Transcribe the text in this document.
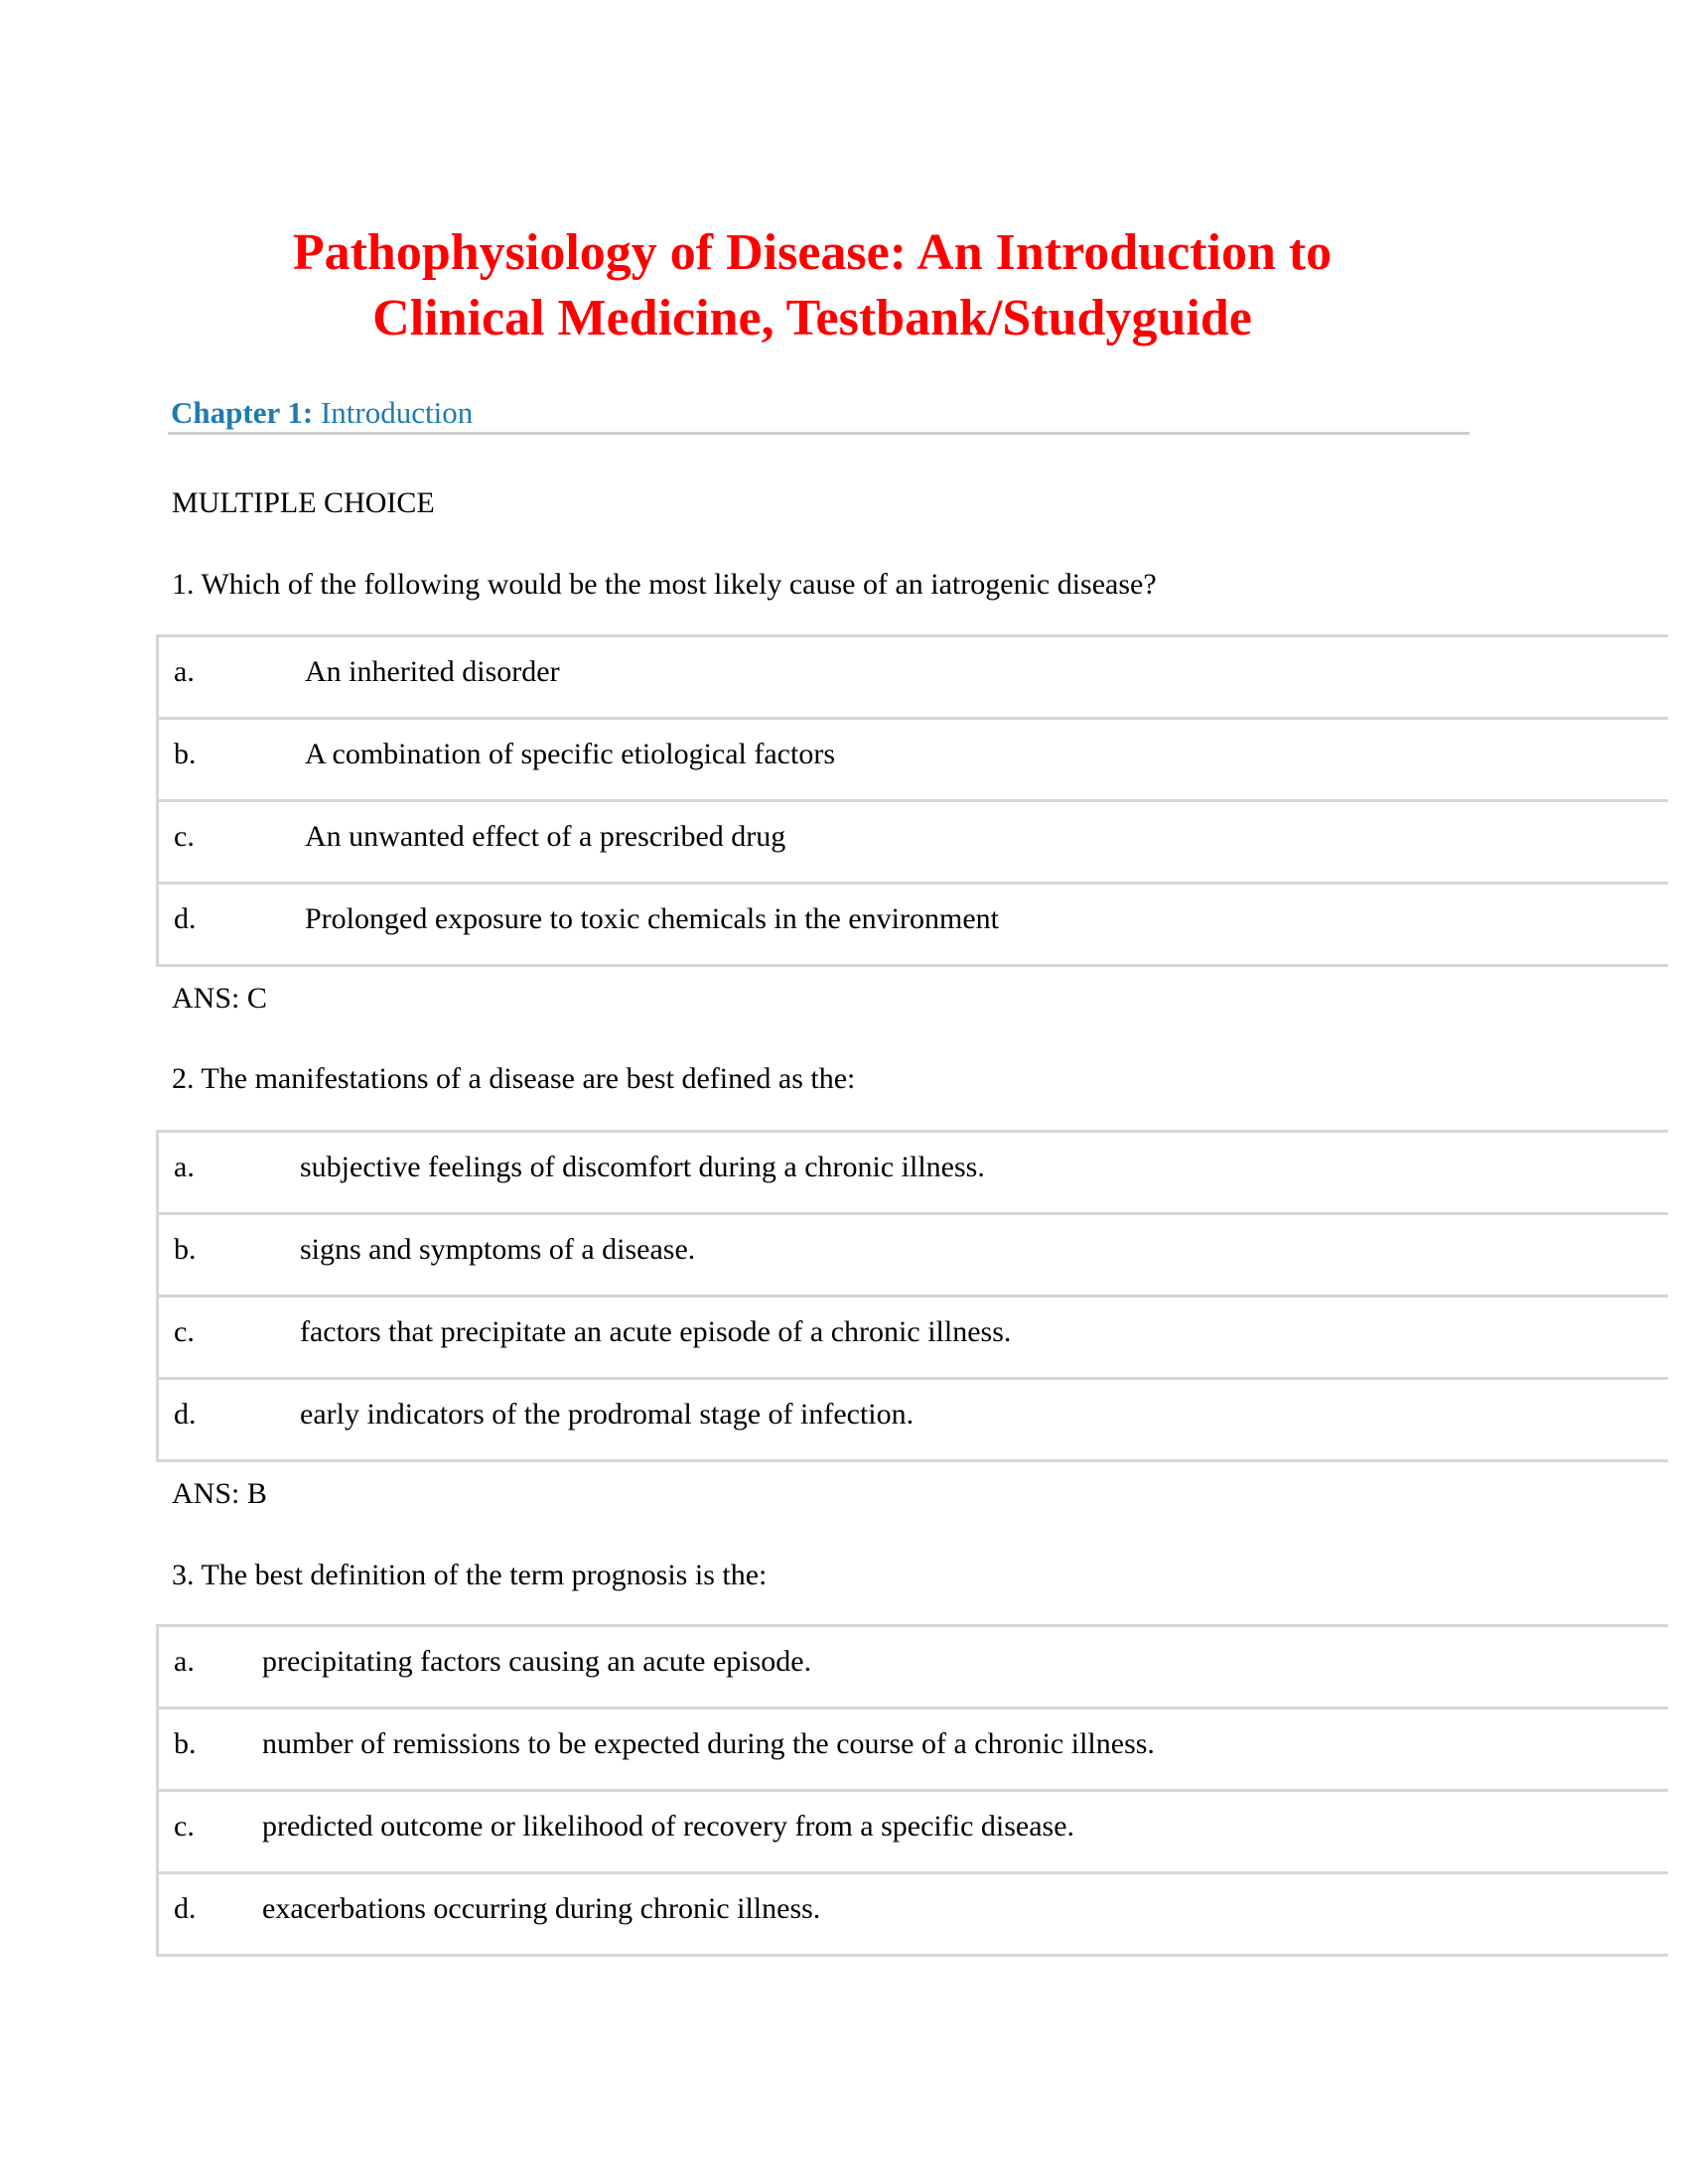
Pathophysiology of Disease: An Introduction to
Clinical Medicine, Testbank/Studyguide
Chapter 1: Introduction
MULTIPLE CHOICE
1. Which of the following would be the most likely cause of an iatrogenic disease?
a.	An inherited disorder
b.	A combination of specific etiological factors
c.	An unwanted effect of a prescribed drug
d.	Prolonged exposure to toxic chemicals in the environment
ANS: C
2. The manifestations of a disease are best defined as the:
a.	subjective feelings of discomfort during a chronic illness.
b.	signs and symptoms of a disease.
c.	factors that precipitate an acute episode of a chronic illness.
d.	early indicators of the prodromal stage of infection.
ANS: B
3. The best definition of the term prognosis is the:
a. precipitating factors causing an acute episode.
b. number of remissions to be expected during the course of a chronic illness.
c. predicted outcome or likelihood of recovery from a specific disease.
d. exacerbations occurring during chronic illness.
